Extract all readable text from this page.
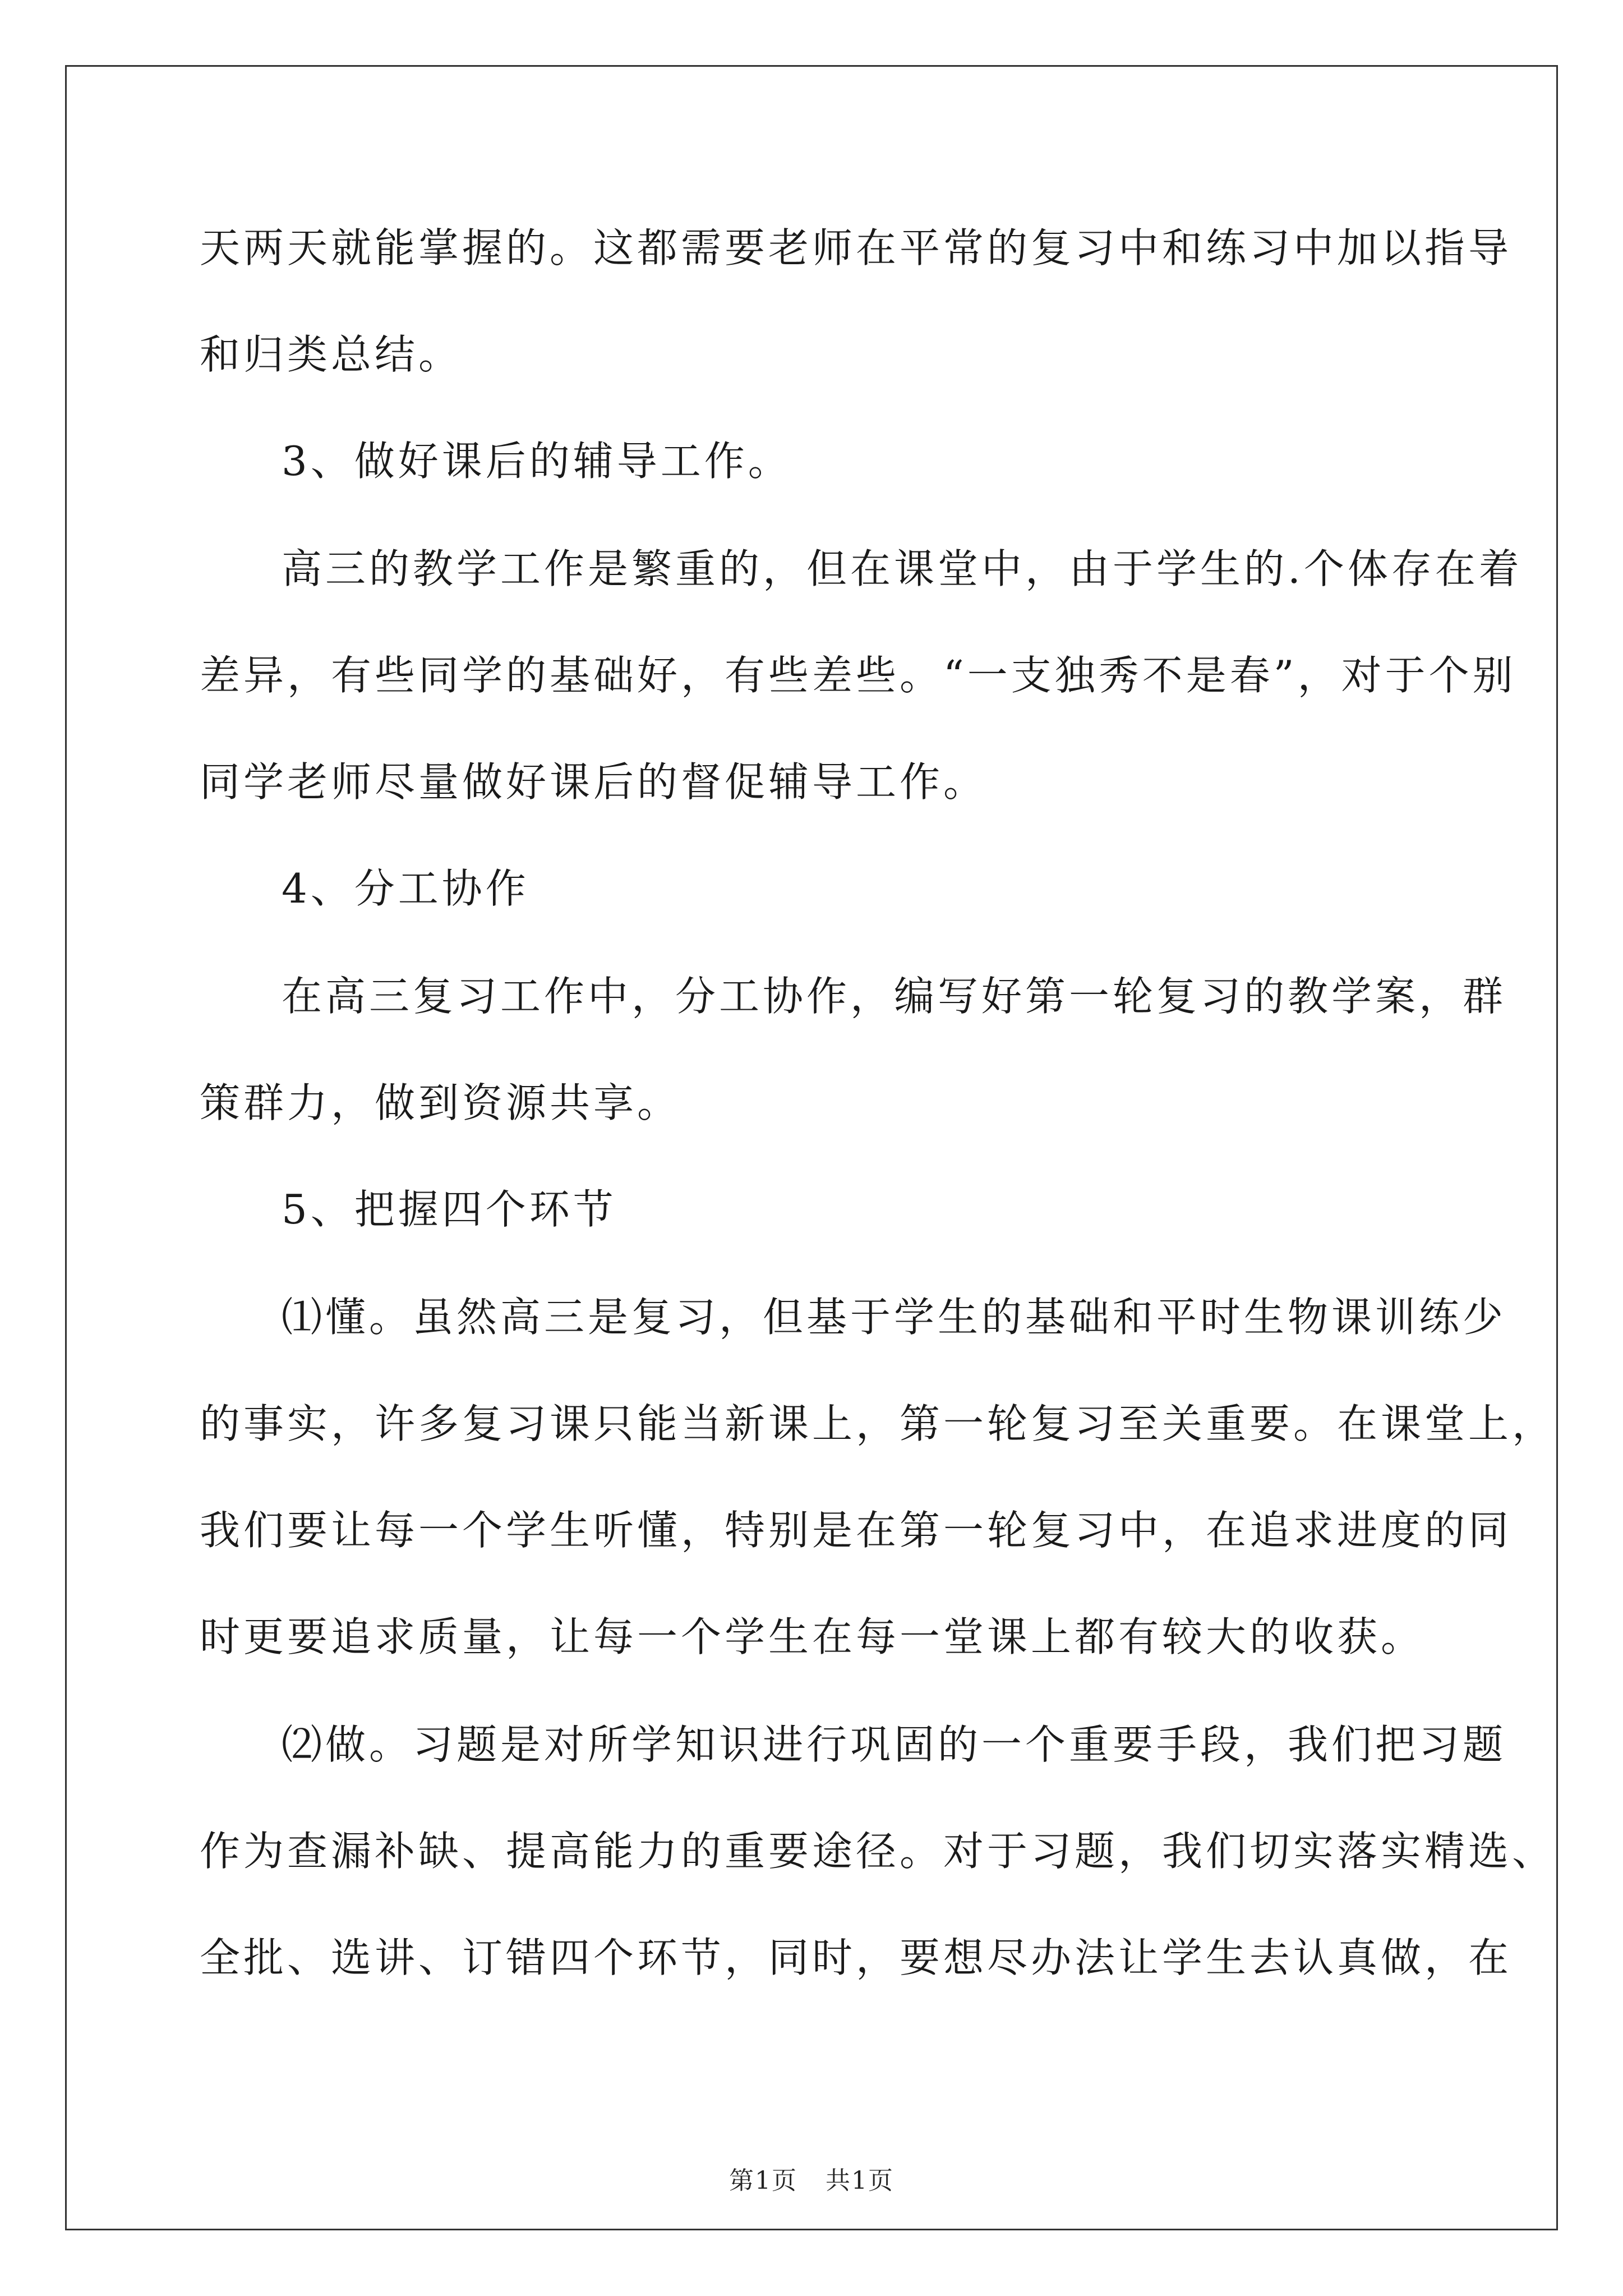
天两天就能掌握的。这都需要老师在平常的复习中和练习中加以指导
和归类总结。
3、做好课后的辅导工作。
高三的教学工作是繁重的，但在课堂中，由于学生的.个体存在着
差异，有些同学的基础好，有些差些。“一支独秀不是春”，对于个别
同学老师尽量做好课后的督促辅导工作。
4、分工协作
在高三复习工作中，分工协作，编写好第一轮复习的教学案，群
策群力，做到资源共享。
5、把握四个环节
⑴懂。虽然高三是复习，但基于学生的基础和平时生物课训练少
的事实，许多复习课只能当新课上，第一轮复习至关重要。在课堂上，
我们要让每一个学生听懂，特别是在第一轮复习中，在追求进度的同
时更要追求质量，让每一个学生在每一堂课上都有较大的收获。
⑵做。习题是对所学知识进行巩固的一个重要手段，我们把习题
作为查漏补缺、提高能力的重要途径。对于习题，我们切实落实精选、
全批、选讲、订错四个环节，同时，要想尽办法让学生去认真做，在
第1页 共1页
